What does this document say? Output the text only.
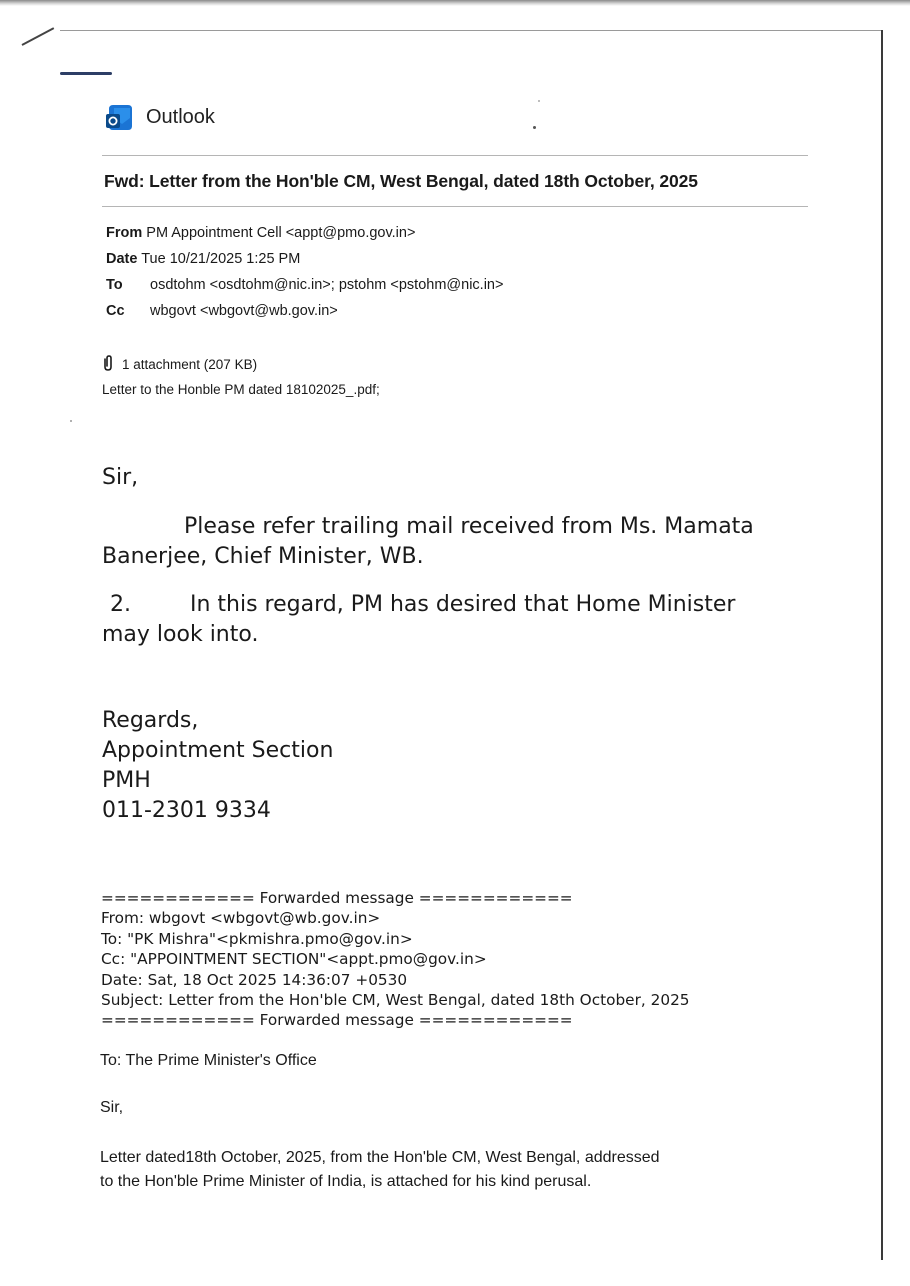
Outlook
Fwd: Letter from the Hon'ble CM, West Bengal, dated 18th October, 2025
From PM Appointment Cell <appt@pmo.gov.in>
Date Tue 10/21/2025 1:25 PM
To osdtohm <osdtohm@nic.in>; pstohm <pstohm@nic.in>
Cc wbgovt <wbgovt@wb.gov.in>
1 attachment (207 KB)
Letter to the Honble PM dated 18102025_.pdf;
Sir,
Please refer trailing mail received from Ms. Mamata
Banerjee, Chief Minister, WB.
2.	In this regard, PM has desired that Home Minister
may look into.
Regards,
Appointment Section
PMH
011-2301 9334
============ Forwarded message ============
From: wbgovt <wbgovt@wb.gov.in>
To: "PK Mishra"<pkmishra.pmo@gov.in>
Cc: "APPOINTMENT SECTION"<appt.pmo@gov.in>
Date: Sat, 18 Oct 2025 14:36:07 +0530
Subject: Letter from the Hon'ble CM, West Bengal, dated 18th October, 2025
============ Forwarded message ============
To: The Prime Minister's Office
Sir,
Letter dated18th October, 2025, from the Hon'ble CM, West Bengal, addressed
to the Hon'ble Prime Minister of India, is attached for his kind perusal.
